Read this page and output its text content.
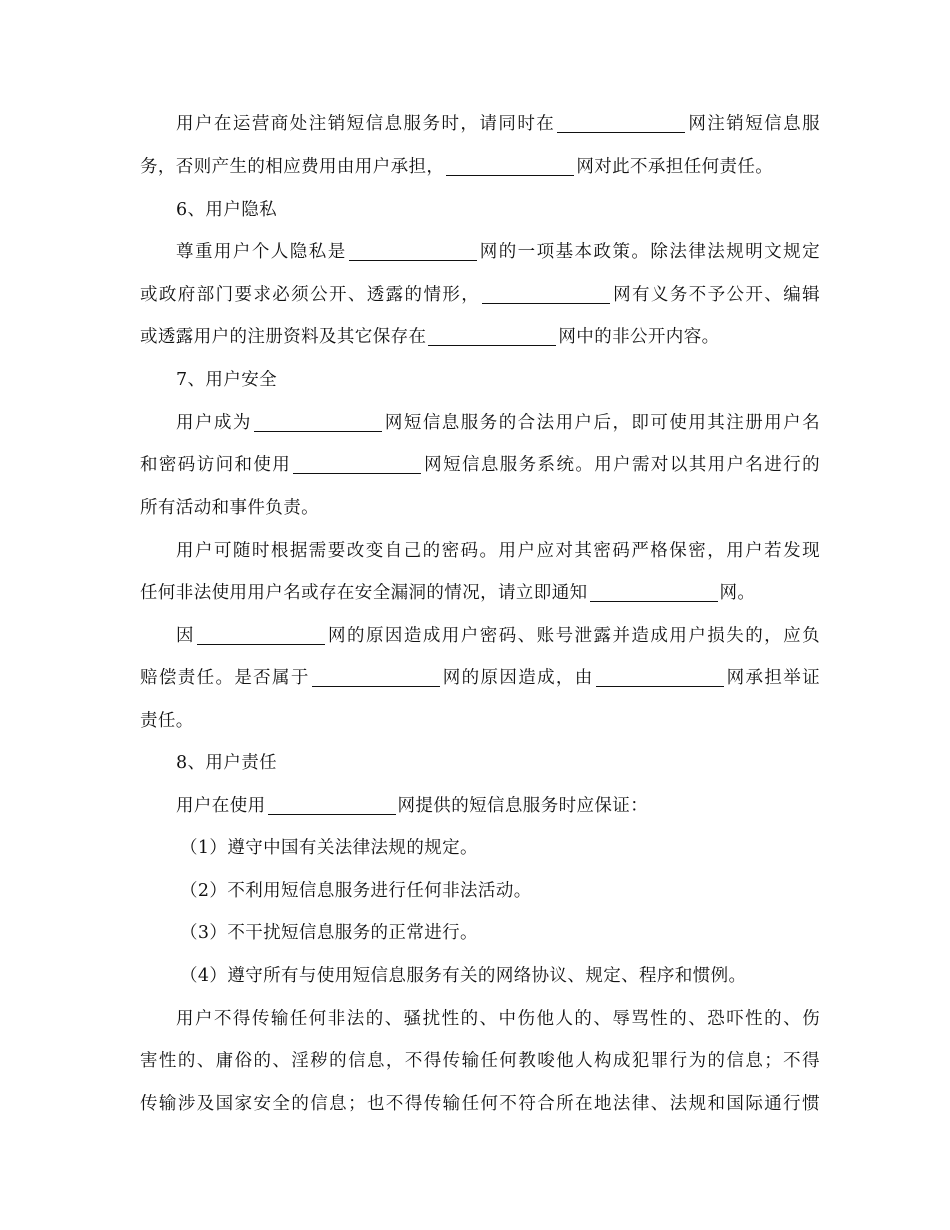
用户在运营商处注销短信息服务时，请同时在	网注销短信息服
务，否则产生的相应费用由用户承担，	网对此不承担任何责任。
6、用户隐私
尊重用户个人隐私是	网的一项基本政策。除法律法规明文规定
或政府部门要求必须公开、透露的情形，	网有义务不予公开、编辑
或透露用户的注册资料及其它保存在	网中的非公开内容。
7、用户安全
用户成为	网短信息服务的合法用户后，即可使用其注册用户名
和密码访问和使用	网短信息服务系统。用户需对以其用户名进行的
所有活动和事件负责。
用户可随时根据需要改变自己的密码。用户应对其密码严格保密，用户若发现
任何非法使用用户名或存在安全漏洞的情况，请立即通知	网。
因	网的原因造成用户密码、账号泄露并造成用户损失的，应负
赔偿责任。是否属于	网的原因造成，由	网承担举证
责任。
8、用户责任
用户在使用	网提供的短信息服务时应保证：
（1）遵守中国有关法律法规的规定。
（2）不利用短信息服务进行任何非法活动。
（3）不干扰短信息服务的正常进行。
（4）遵守所有与使用短信息服务有关的网络协议、规定、程序和惯例。
用户不得传输任何非法的、骚扰性的、中伤他人的、辱骂性的、恐吓性的、伤
害性的、庸俗的、淫秽的信息，不得传输任何教唆他人构成犯罪行为的信息；不得
传输涉及国家安全的信息；也不得传输任何不符合所在地法律、法规和国际通行惯
